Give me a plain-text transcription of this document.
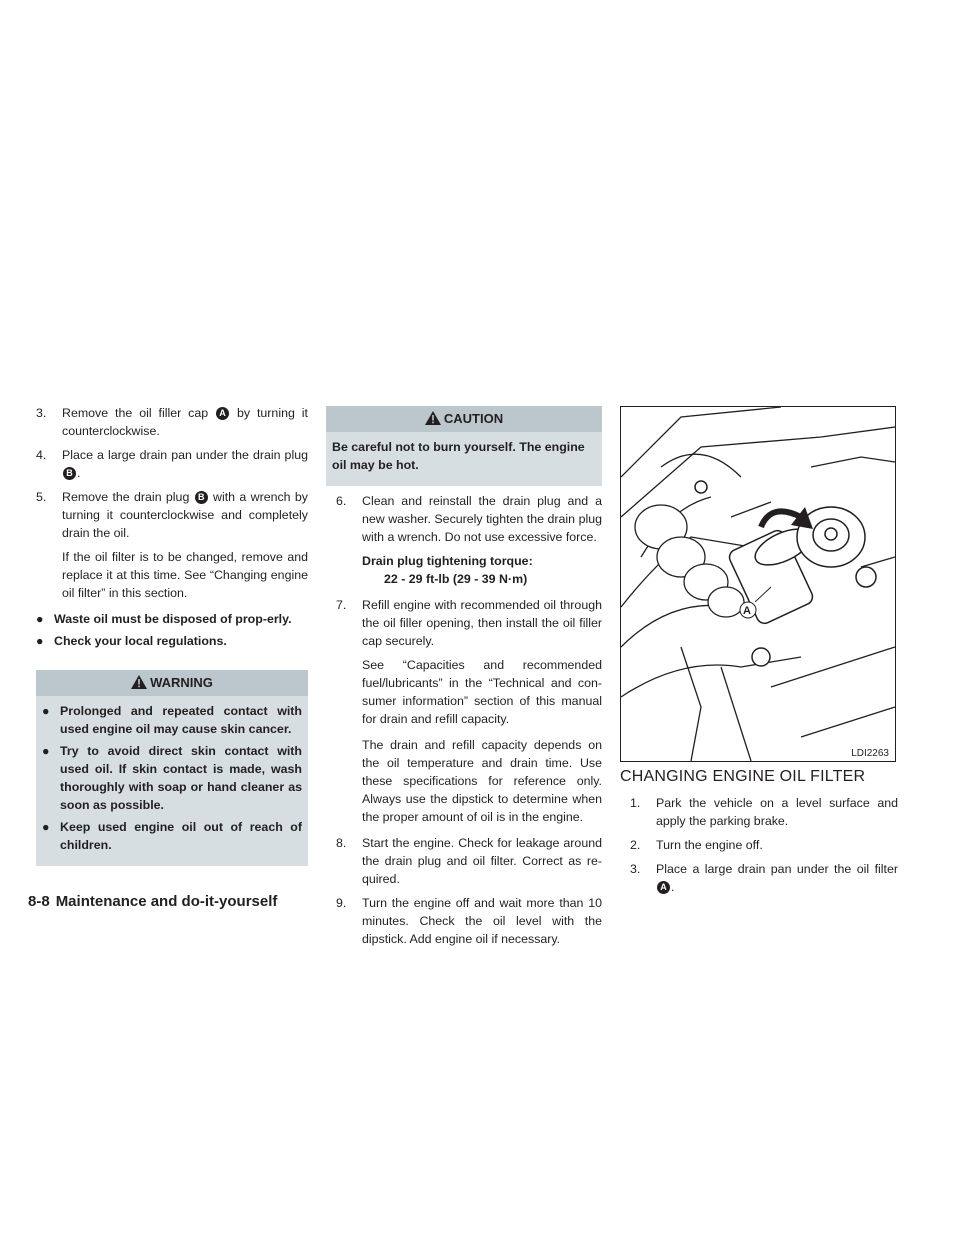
3.	Remove the oil filler cap A by turning it counterclockwise.
4.	Place a large drain pan under the drain plug B .
5.	Remove the drain plug B with a wrench by turning it counterclockwise and completely drain the oil.

If the oil filter is to be changed, remove and replace it at this time. See “Changing engine oil filter” in this section.

● Waste oil must be disposed of prop-erly.
● Check your local regulations.
WARNING
● Prolonged and repeated contact with used engine oil may cause skin cancer.
● Try to avoid direct skin contact with used oil. If skin contact is made, wash thoroughly with soap or hand cleaner as soon as possible.
● Keep used engine oil out of reach of children.
CAUTION
Be careful not to burn yourself. The engine oil may be hot.
6.	Clean and reinstall the drain plug and a new washer. Securely tighten the drain plug with a wrench. Do not use excessive force.
Drain plug tightening torque:
22 - 29 ft-lb (29 - 39 N·m)
7.	Refill engine with recommended oil through the oil filler opening, then install the oil filler cap securely.

See “Capacities and recommended fuel/lubricants” in the “Technical and con-sumer information” section of this manual for drain and refill capacity.

The drain and refill capacity depends on the oil temperature and drain time. Use these specifications for reference only. Always use the dipstick to determine when the proper amount of oil is in the engine.

8.	Start the engine. Check for leakage around the drain plug and oil filter. Correct as re-quired.
9.	Turn the engine off and wait more than 10 minutes. Check the oil level with the dipstick. Add engine oil if necessary.
A
LDI2263
CHANGING ENGINE OIL FILTER
1.	Park the vehicle on a level surface and apply the parking brake.
2.	Turn the engine off.
3.	Place a large drain pan under the oil filter A .
8-8 Maintenance and do-it-yourself
